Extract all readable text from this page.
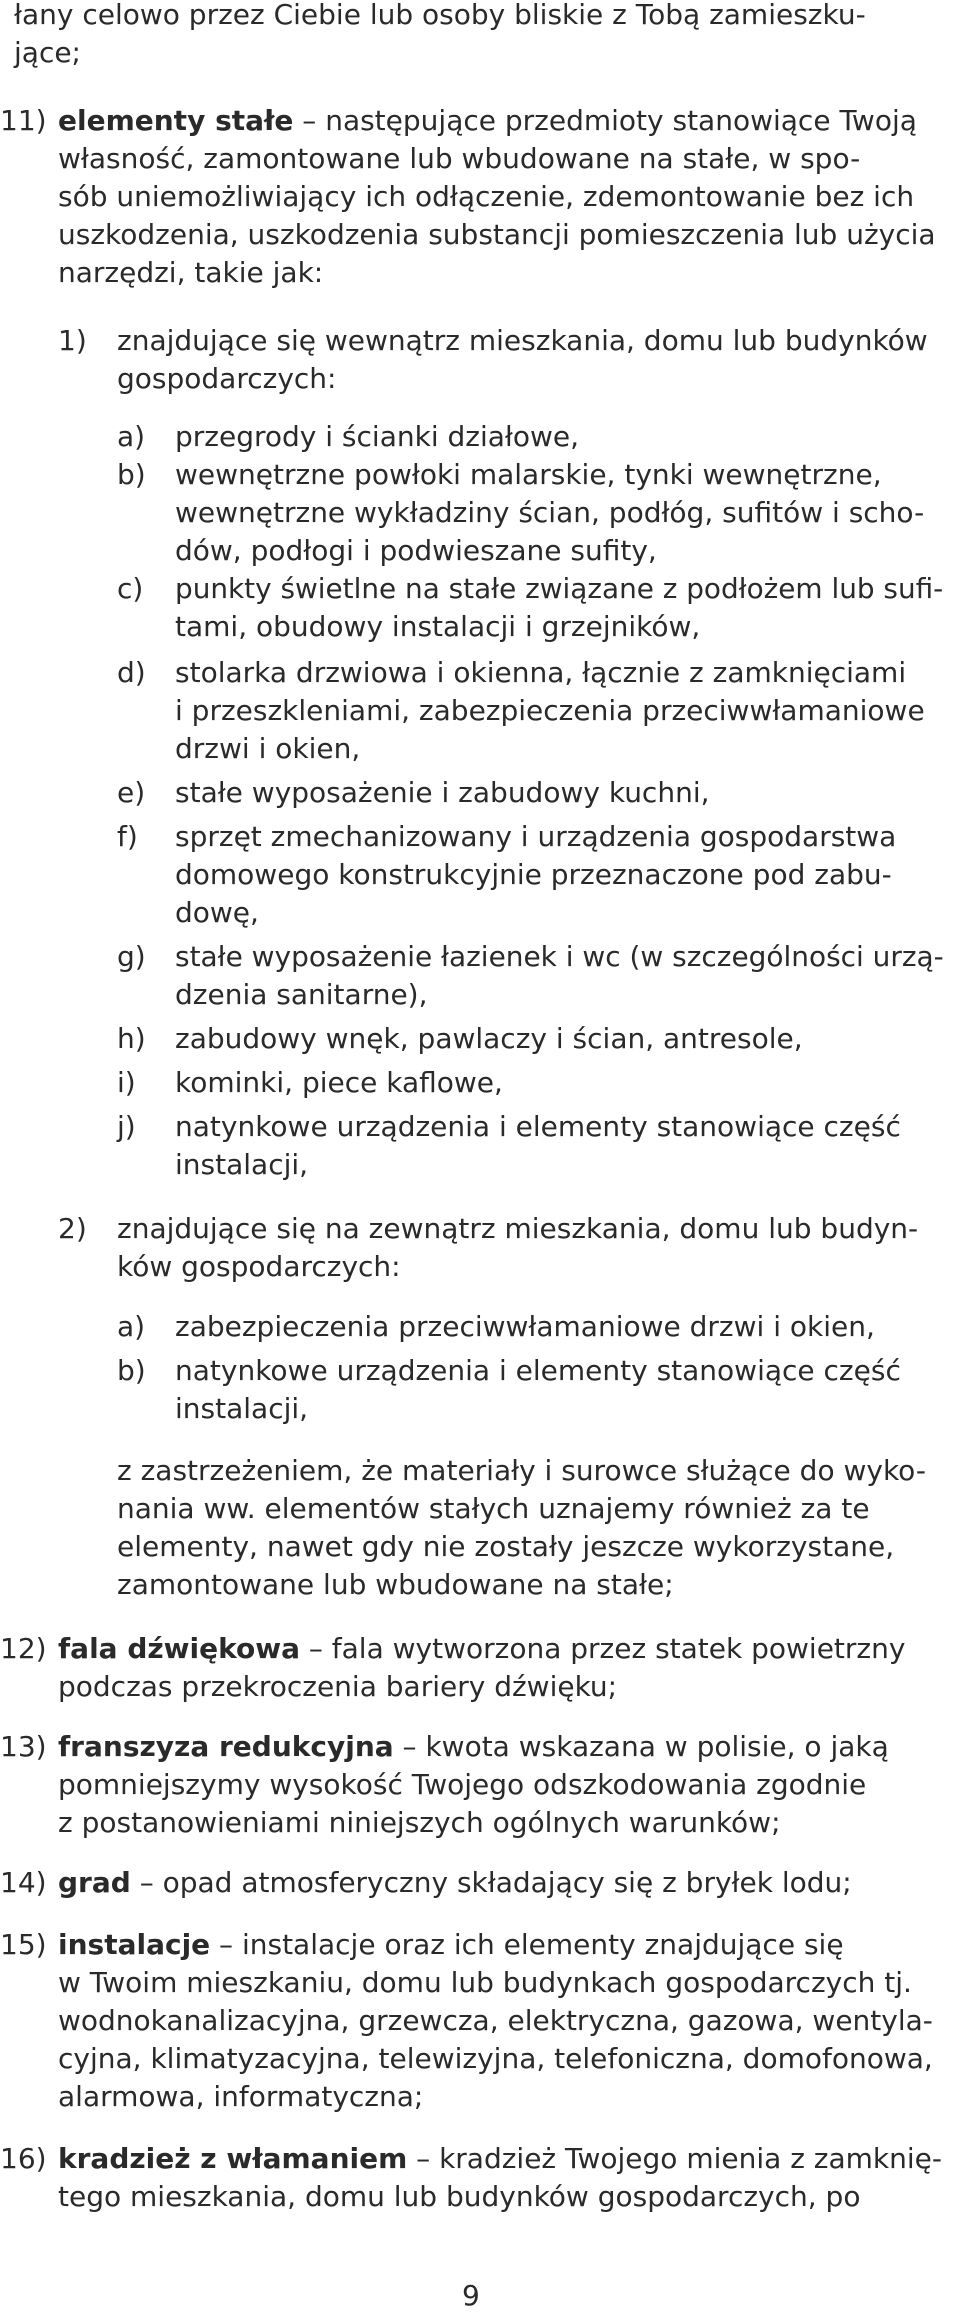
łany celowo przez Ciebie lub osoby bliskie z Tobą zamieszku-

jące;

11) elementy stałe – następujące przedmioty stanowiące Twoją

własność, zamontowane lub wbudowane na stałe, w spo-

sób uniemożliwiający ich odłączenie, zdemontowanie bez ich

uszkodzenia, uszkodzenia substancji pomieszczenia lub użycia

narzędzi, takie jak:

1) znajdujące się wewnątrz mieszkania, domu lub budynków

gospodarczych:

a) przegrody i ścianki działowe,

b) wewnętrzne powłoki malarskie, tynki wewnętrzne,

wewnętrzne wykładziny ścian, podłóg, sufitów i scho-

dów, podłogi i podwieszane sufity,

c) punkty świetlne na stałe związane z podłożem lub sufi-

tami, obudowy instalacji i grzejników,

d) stolarka drzwiowa i okienna, łącznie z zamknięciami

i przeszkleniami, zabezpieczenia przeciwwłamaniowe

drzwi i okien,

e) stałe wyposażenie i zabudowy kuchni,

f) sprzęt zmechanizowany i urządzenia gospodarstwa

domowego konstrukcyjnie przeznaczone pod zabu-

dowę,

g) stałe wyposażenie łazienek i wc (w szczególności urzą-

dzenia sanitarne),

h) zabudowy wnęk, pawlaczy i ścian, antresole,

i) kominki, piece kaflowe,

j) natynkowe urządzenia i elementy stanowiące część

instalacji,

2) znajdujące się na zewnątrz mieszkania, domu lub budyn-

ków gospodarczych:

a) zabezpieczenia przeciwwłamaniowe drzwi i okien,

b) natynkowe urządzenia i elementy stanowiące część

instalacji,

z zastrzeżeniem, że materiały i surowce służące do wyko-

nania ww. elementów stałych uznajemy również za te

elementy, nawet gdy nie zostały jeszcze wykorzystane,

zamontowane lub wbudowane na stałe;

12) fala dźwiękowa – fala wytworzona przez statek powietrzny

podczas przekroczenia bariery dźwięku;

13) franszyza redukcyjna – kwota wskazana w polisie, o jaką

pomniejszymy wysokość Twojego odszkodowania zgodnie

z postanowieniami niniejszych ogólnych warunków;

14) grad – opad atmosferyczny składający się z bryłek lodu;

15) instalacje – instalacje oraz ich elementy znajdujące się

w Twoim mieszkaniu, domu lub budynkach gospodarczych tj.

wodnokanalizacyjna, grzewcza, elektryczna, gazowa, wentyla-

cyjna, klimatyzacyjna, telewizyjna, telefoniczna, domofonowa,

alarmowa, informatyczna;

16) kradzież z włamaniem – kradzież Twojego mienia z zamknię-

tego mieszkania, domu lub budynków gospodarczych, po

9
